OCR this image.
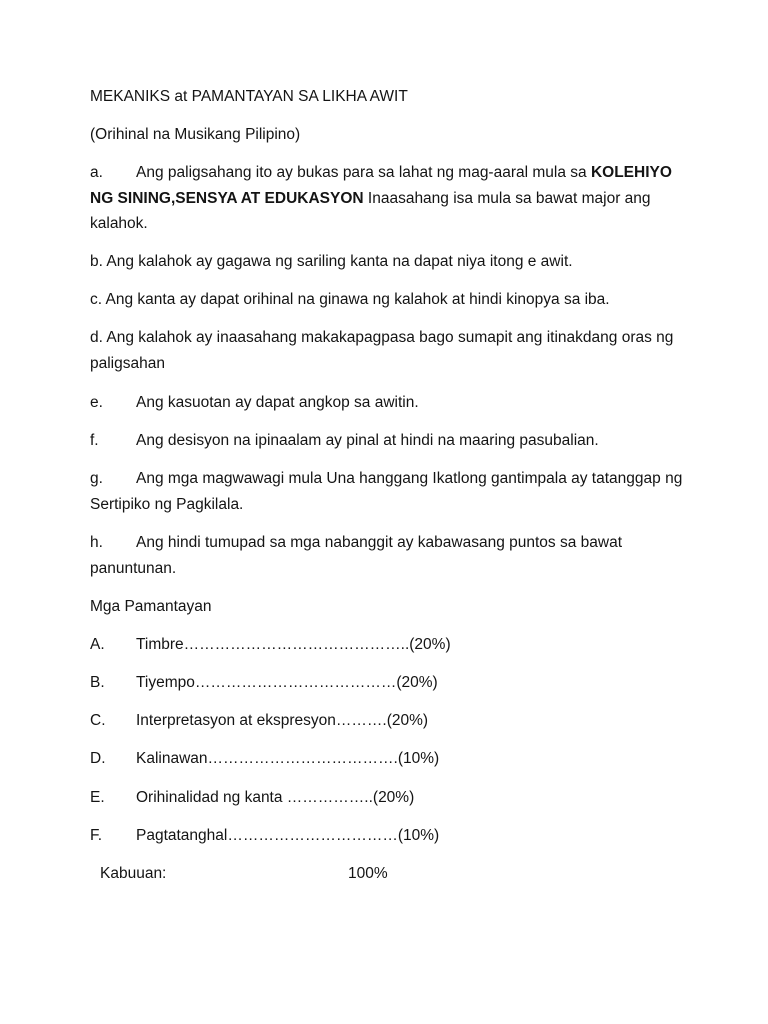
MEKANIKS at PAMANTAYAN SA LIKHA AWIT
(Orihinal na Musikang Pilipino)
a. Ang paligsahang ito ay bukas para sa lahat ng mag-aaral mula sa KOLEHIYO NG SINING,SENSYA AT EDUKASYON Inaasahang isa mula sa bawat major ang kalahok.
b. Ang kalahok ay gagawa ng sariling kanta na dapat niya itong e awit.
c. Ang kanta ay dapat orihinal na ginawa ng kalahok at hindi kinopya sa iba.
d. Ang kalahok ay inaasahang makakapagpasa bago sumapit ang itinakdang oras ng paligsahan
e. Ang kasuotan ay dapat angkop sa awitin.
f. Ang desisyon na ipinaalam ay pinal at hindi na maaring pasubalian.
g. Ang mga magwawagi mula Una hanggang Ikatlong gantimpala ay tatanggap ng Sertipiko ng Pagkilala.
h. Ang hindi tumupad sa mga nabanggit ay kabawasang puntos sa bawat panuntunan.
Mga Pamantayan
A. Timbre……………………………………..(20%)
B. Tiyempo…………………………………(20%)
C. Interpretasyon at ekspresyon……….(20%)
D. Kalinawan……………………………….(10%)
E. Orihinalidad ng kanta ……………..(20%)
F. Pagtatanghal……………………………(10%)
Kabuuan:	100%
